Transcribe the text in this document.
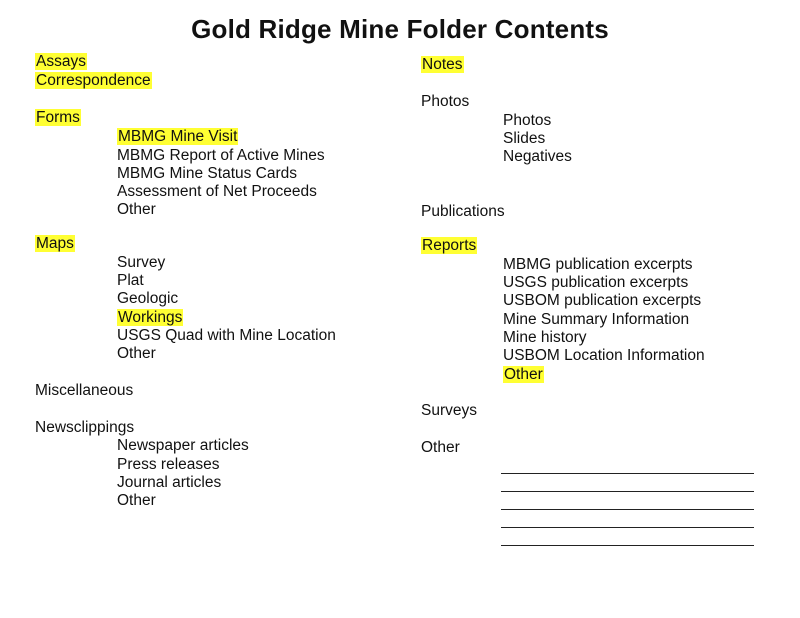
Gold Ridge Mine Folder Contents
Assays
Correspondence
Forms
MBMG Mine Visit
MBMG Report of Active Mines
MBMG Mine Status Cards
Assessment of Net Proceeds
Other
Maps
Survey
Plat
Geologic
Workings
USGS Quad with Mine Location
Other
Miscellaneous
Newsclippings
Newspaper articles
Press releases
Journal articles
Other
Notes
Photos
Photos
Slides
Negatives
Publications
Reports
MBMG publication excerpts
USGS publication excerpts
USBOM publication excerpts
Mine Summary Information
Mine history
USBOM Location Information
Other
Surveys
Other
